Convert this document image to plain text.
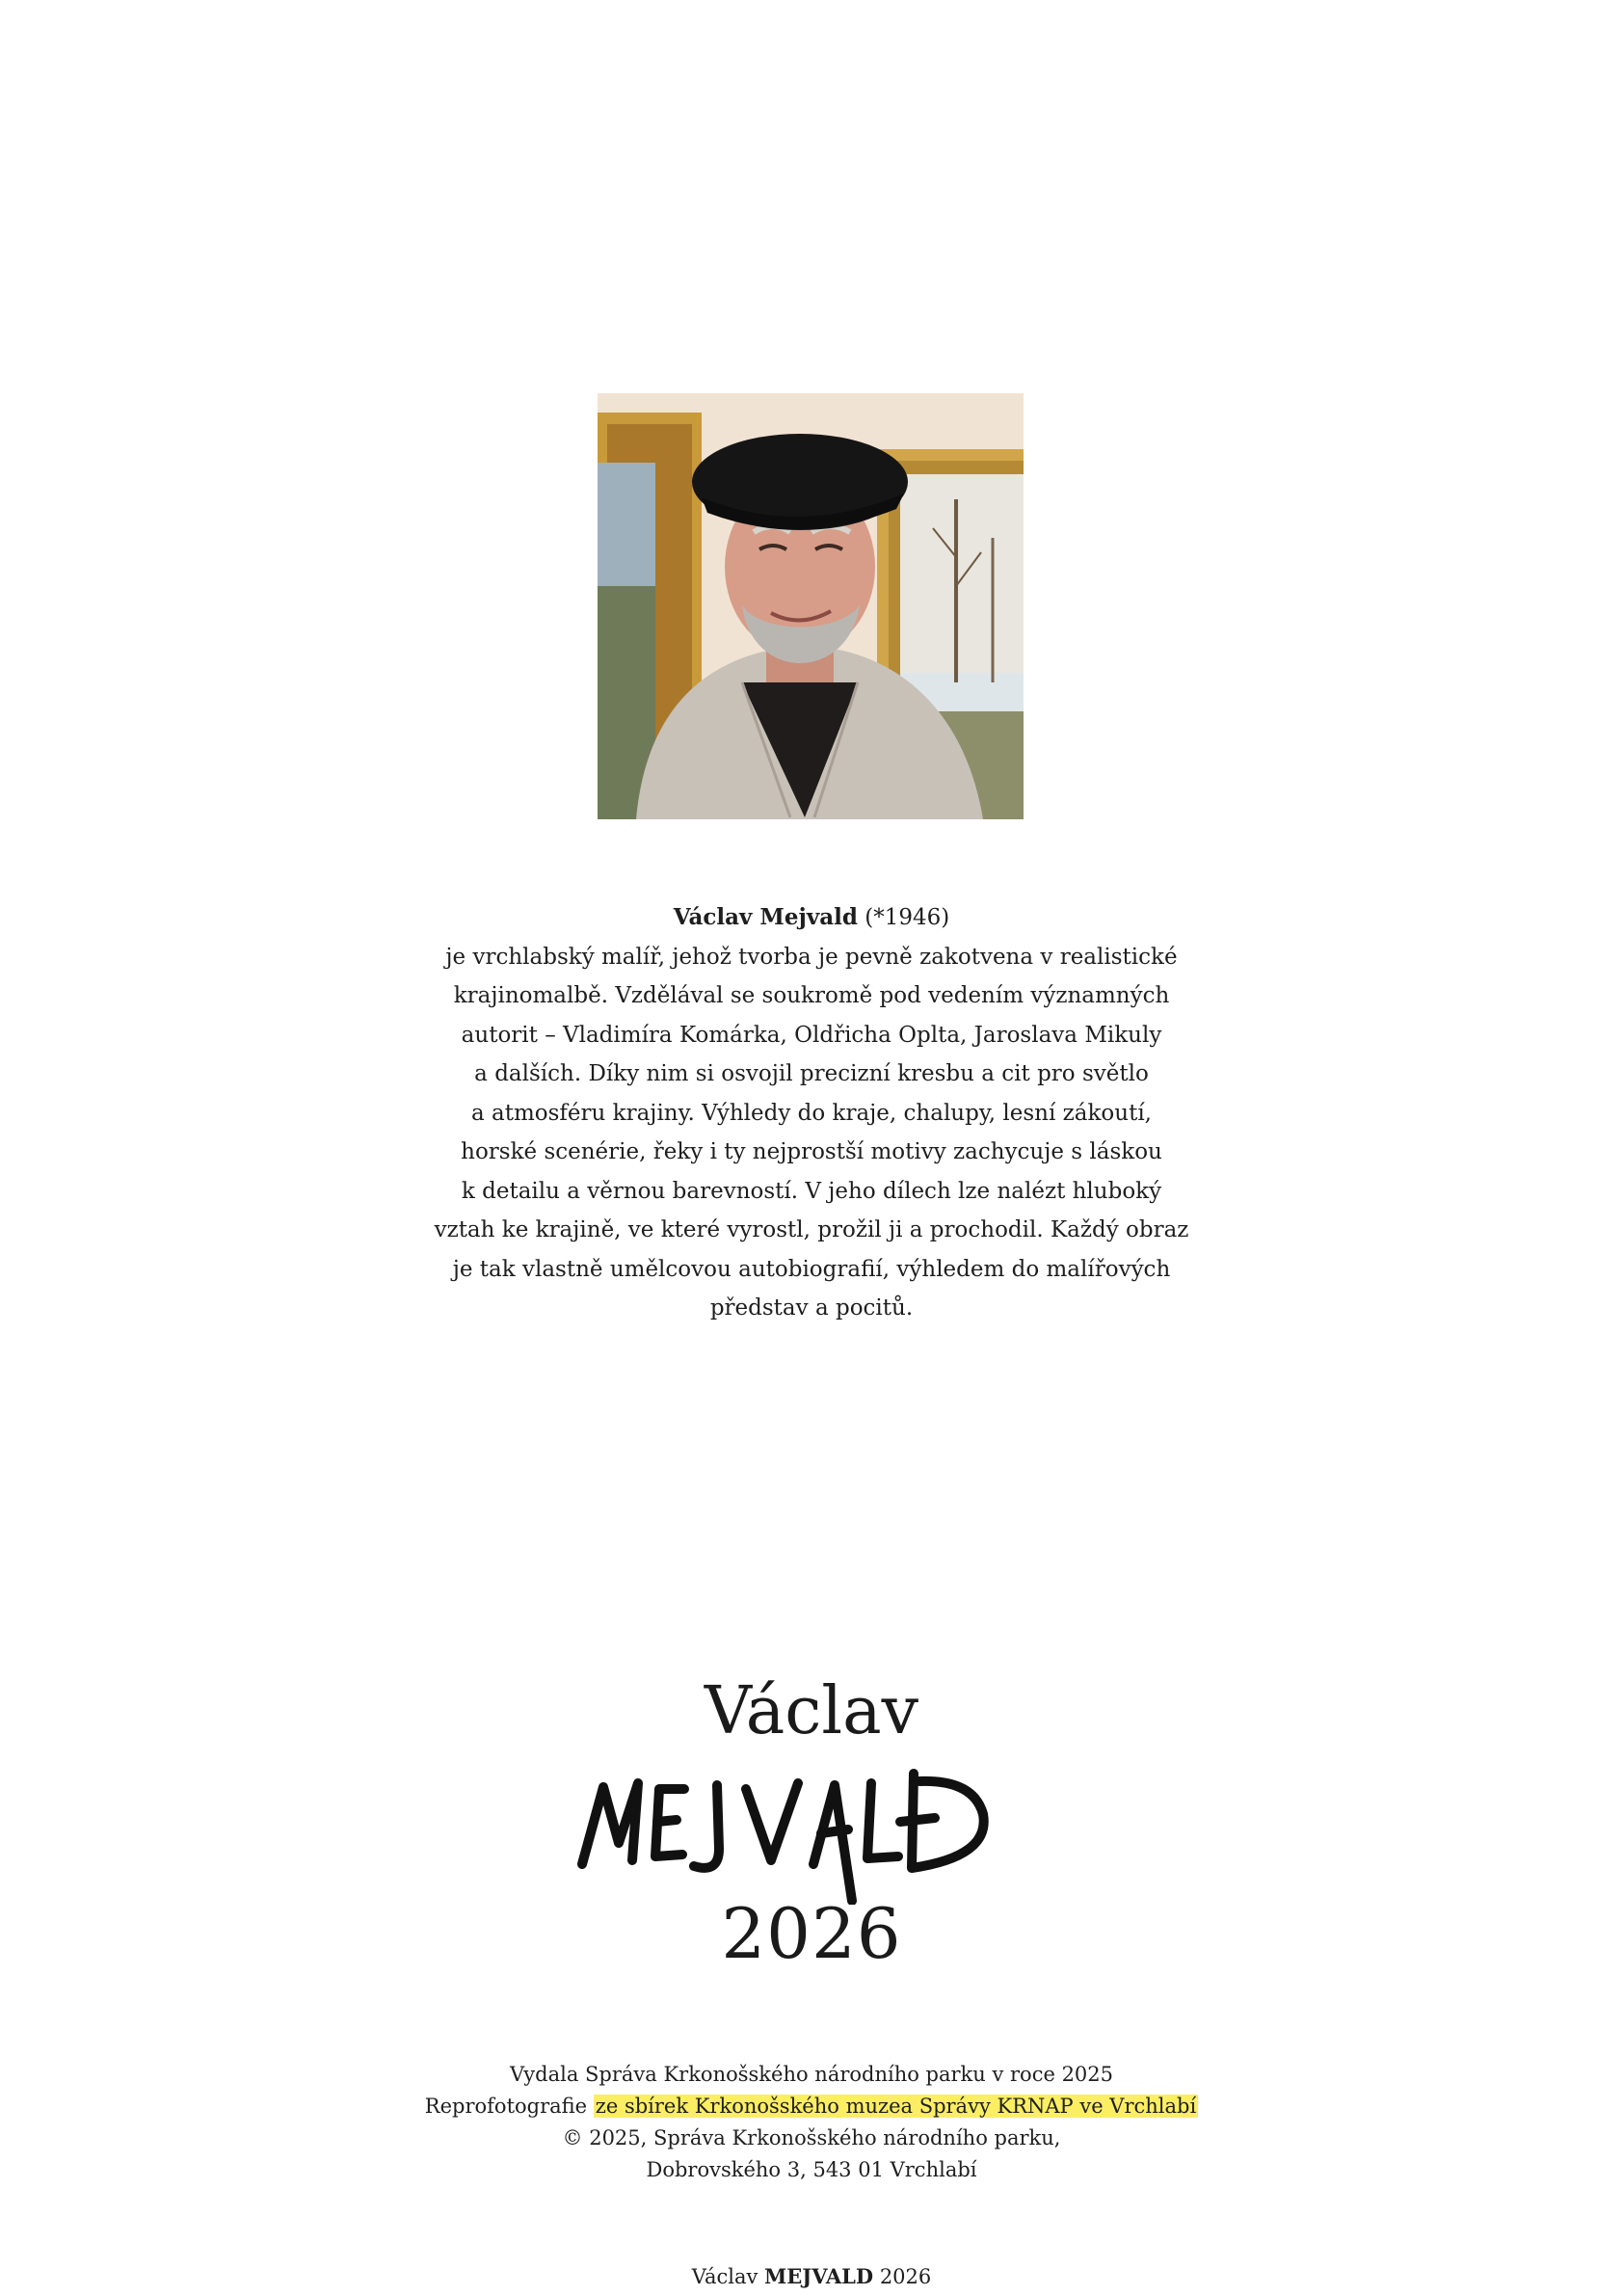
Václav Mejvald (*1946)
je vrchlabský malíř, jehož tvorba je pevně zakotvena v realistické
krajinomalbě. Vzdělával se soukromě pod vedením významných
autorit – Vladimíra Komárka, Oldřicha Oplta, Jaroslava Mikuly
a dalších. Díky nim si osvojil precizní kresbu a cit pro světlo
a atmosféru krajiny. Výhledy do kraje, chalupy, lesní zákoutí,
horské scenérie, řeky i ty nejprostší motivy zachycuje s láskou
k detailu a věrnou barevností. V jeho dílech lze nalézt hluboký
vztah ke krajině, ve které vyrostl, prožil ji a prochodil. Každý obraz
je tak vlastně umělcovou autobiografií, výhledem do malířových
představ a pocitů.
Václav
2026
Vydala Správa Krkonošského národního parku v roce 2025
Reprofotografie ze sbírek Krkonošského muzea Správy KRNAP ve Vrchlabí
© 2025, Správa Krkonošského národního parku,
Dobrovského 3, 543 01 Vrchlabí
Václav MEJVALD 2026
